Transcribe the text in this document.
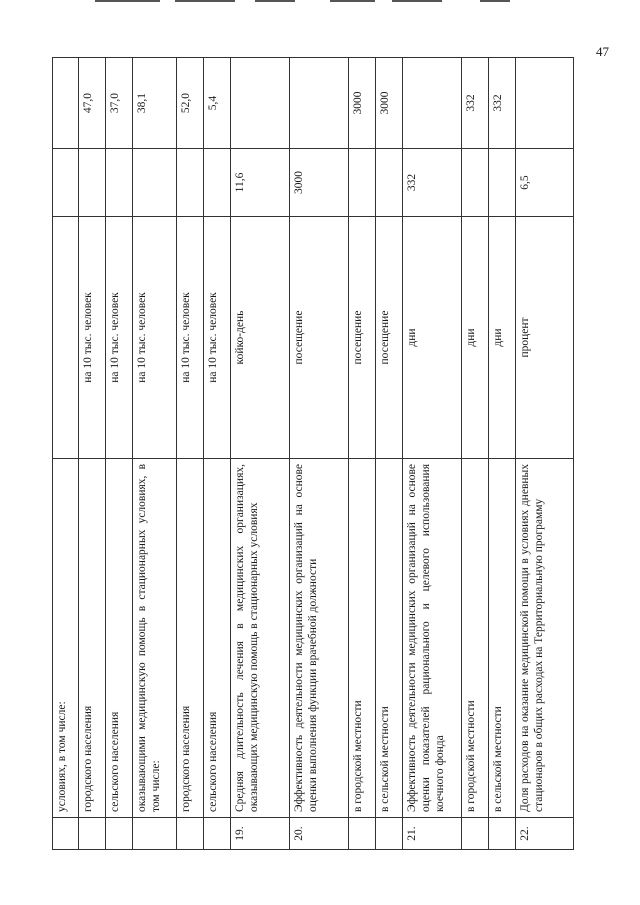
47
	условиях, в том числе:			
	городского населения	на 10 тыс. человек		47,0
	сельского населения	на 10 тыс. человек		37,0
	оказывающими медицинскую помощь в стационарных условиях, в том числе:	на 10 тыс. человек		38,1
	городского населения	на 10 тыс. человек		52,0
	сельского населения	на 10 тыс. человек		5,4
19.	Средняя длительность лечения в медицинских организациях, оказывающих медицинскую помощь в стационарных условиях	койко-день	11,6	
20.	Эффективность деятельности медицинских организаций на основе оценки выполнения функции врачебной должности	посещение	3000	
	в городской местности	посещение		3000
	в сельской местности	посещение		3000
21.	Эффективность деятельности медицинских организаций на основе оценки показателей рационального и целевого использования коечного фонда	дни	332	
	в городской местности	дни		332
	в сельской местности	дни		332
22.	Доля расходов на оказание медицинской помощи в условиях дневных стационаров в общих расходах на Территориальную программу	процент	6,5	
